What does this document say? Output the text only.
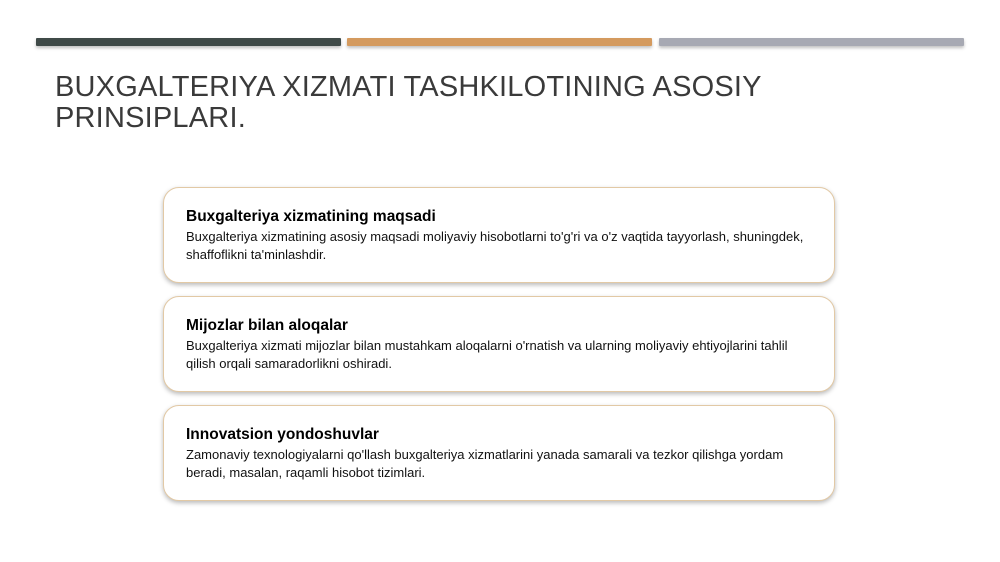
BUXGALTERIYA XIZMATI TASHKILOTINING ASOSIY PRINSIPLARI.
Buxgalteriya xizmatining maqsadi

Buxgalteriya xizmatining asosiy maqsadi moliyaviy hisobotlarni to'g'ri va o'z vaqtida tayyorlash, shuningdek, shaffoflikni ta'minlashdir.

Mijozlar bilan aloqalar

Buxgalteriya xizmati mijozlar bilan mustahkam aloqalarni o'rnatish va ularning moliyaviy ehtiyojlarini tahlil qilish orqali samaradorlikni oshiradi.

Innovatsion yondoshuvlar

Zamonaviy texnologiyalarni qo'llash buxgalteriya xizmatlarini yanada samarali va tezkor qilishga yordam beradi, masalan, raqamli hisobot tizimlari.
